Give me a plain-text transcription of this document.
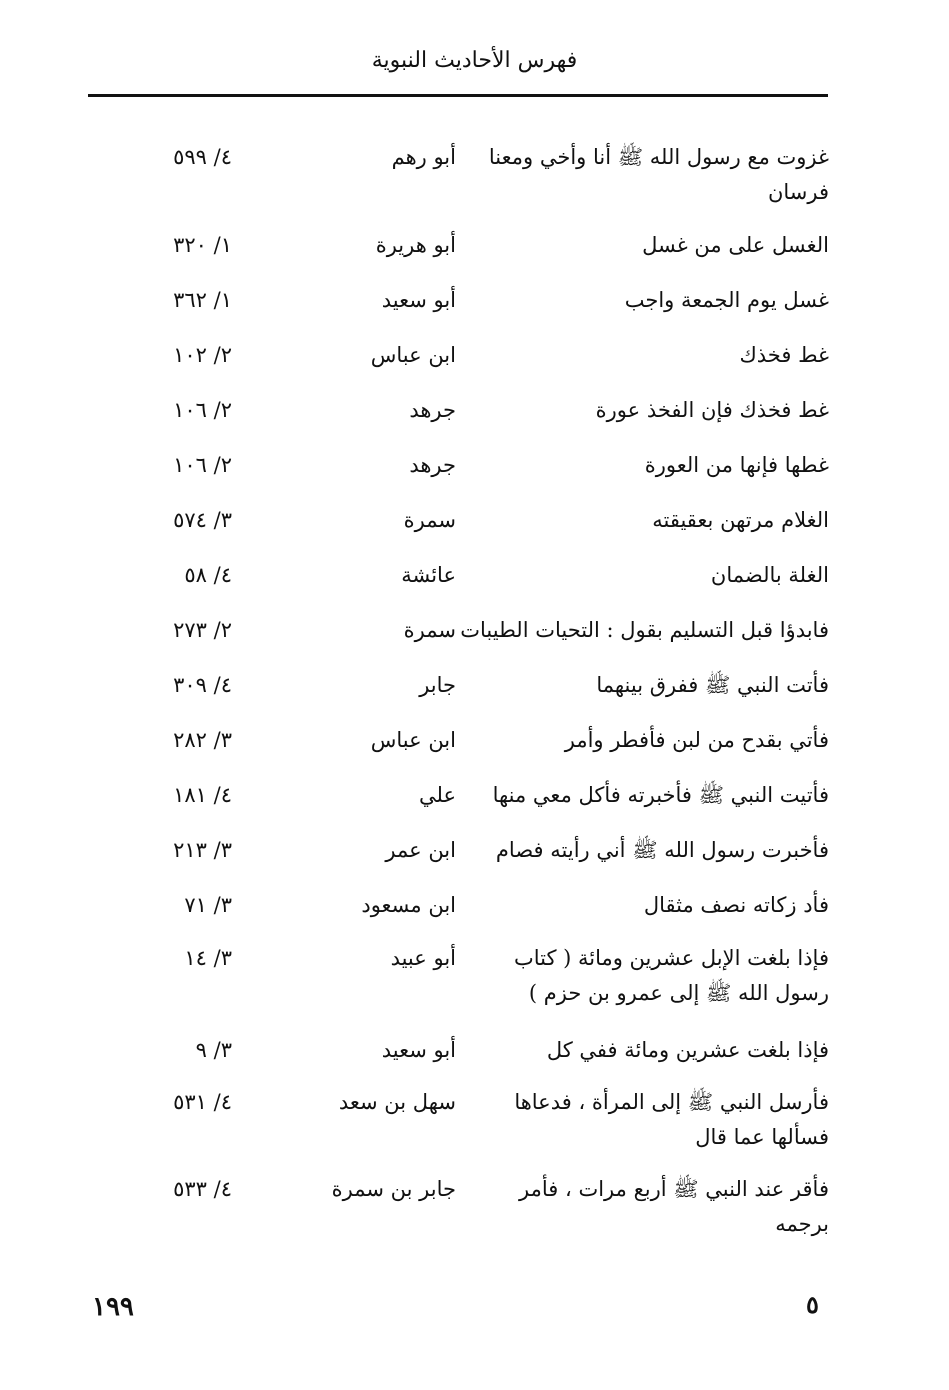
فهرس الأحاديث النبوية
غزوت مع رسول الله ﷺ أنا وأخي ومعنا فرسان
أبو رهم
٤/ ٥٩٩
الغسل على من غسل
أبو هريرة
١/ ٣٢٠
غسل يوم الجمعة واجب
أبو سعيد
١/ ٣٦٢
غط فخذك
ابن عباس
٢/ ١٠٢
غط فخذك فإن الفخذ عورة
جرهد
٢/ ١٠٦
غطها فإنها من العورة
جرهد
٢/ ١٠٦
الغلام مرتهن بعقيقته
سمرة
٣/ ٥٧٤
الغلة بالضمان
عائشة
٤/ ٥٨
فابدؤا قبل التسليم بقول : التحيات الطيبات
سمرة
٢/ ٢٧٣
فأتت النبي ﷺ ففرق بينهما
جابر
٤/ ٣٠٩
فأتي بقدح من لبن فأفطر وأمر
ابن عباس
٣/ ٢٨٢
فأتيت النبي ﷺ فأخبرته فأكل معي منها
علي
٤/ ١٨١
فأخبرت رسول الله ﷺ أني رأيته فصام
ابن عمر
٣/ ٢١٣
فأد زكاته نصف مثقال
ابن مسعود
٣/ ٧١
فإذا بلغت الإبل عشرين ومائة ( كتاب رسول الله ﷺ إلى عمرو بن حزم )
أبو عبيد
٣/ ١٤
فإذا بلغت عشرين ومائة ففي كل
أبو سعيد
٣/ ٩
فأرسل النبي ﷺ إلى المرأة ، فدعاها فسألها عما قال
سهل بن سعد
٤/ ٥٣١
فأقر عند النبي ﷺ أربع مرات ، فأمر برجمه
جابر بن سمرة
٤/ ٥٣٣
١٩٩	٥
